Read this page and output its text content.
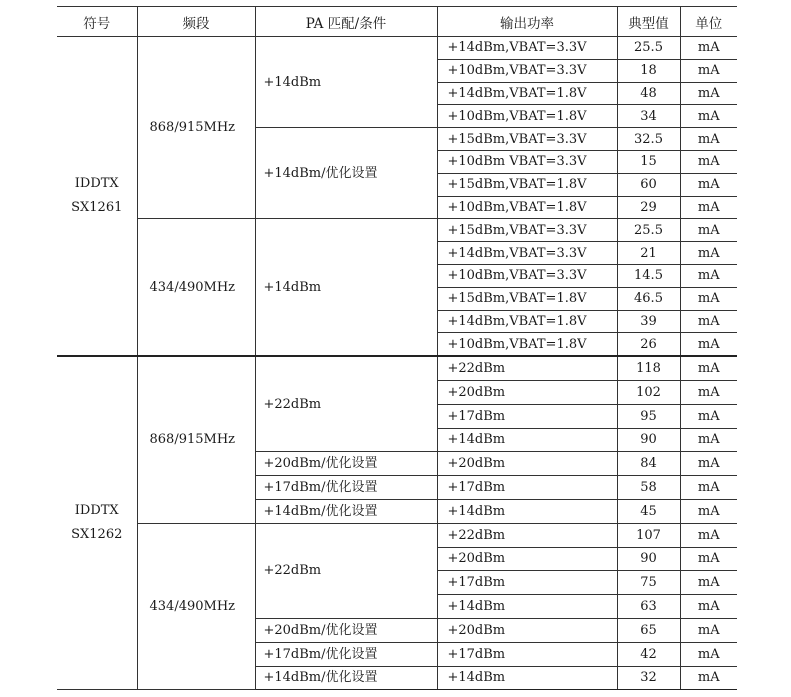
符号	频段	PA 匹配/条件	输出功率	典型值	单位

IDDTX
SX1261	868/915MHz	+14dBm	+14dBm,VBAT=3.3V	25.5	mA
			+10dBm,VBAT=3.3V	18	mA
			+14dBm,VBAT=1.8V	48	mA
			+10dBm,VBAT=1.8V	34	mA
		+14dBm/优化设置	+15dBm,VBAT=3.3V	32.5	mA
			+10dBm VBAT=3.3V	15	mA
			+15dBm,VBAT=1.8V	60	mA
			+10dBm,VBAT=1.8V	29	mA
	434/490MHz	+14dBm	+15dBm,VBAT=3.3V	25.5	mA
			+14dBm,VBAT=3.3V	21	mA
			+10dBm,VBAT=3.3V	14.5	mA
			+15dBm,VBAT=1.8V	46.5	mA
			+14dBm,VBAT=1.8V	39	mA
			+10dBm,VBAT=1.8V	26	mA

IDDTX
SX1262	868/915MHz	+22dBm	+22dBm	118	mA
			+20dBm	102	mA
			+17dBm	95	mA
			+14dBm	90	mA
		+20dBm/优化设置	+20dBm	84	mA
		+17dBm/优化设置	+17dBm	58	mA
		+14dBm/优化设置	+14dBm	45	mA
	434/490MHz	+22dBm	+22dBm	107	mA
			+20dBm	90	mA
			+17dBm	75	mA
			+14dBm	63	mA
		+20dBm/优化设置	+20dBm	65	mA
		+17dBm/优化设置	+17dBm	42	mA
		+14dBm/优化设置	+14dBm	32	mA
